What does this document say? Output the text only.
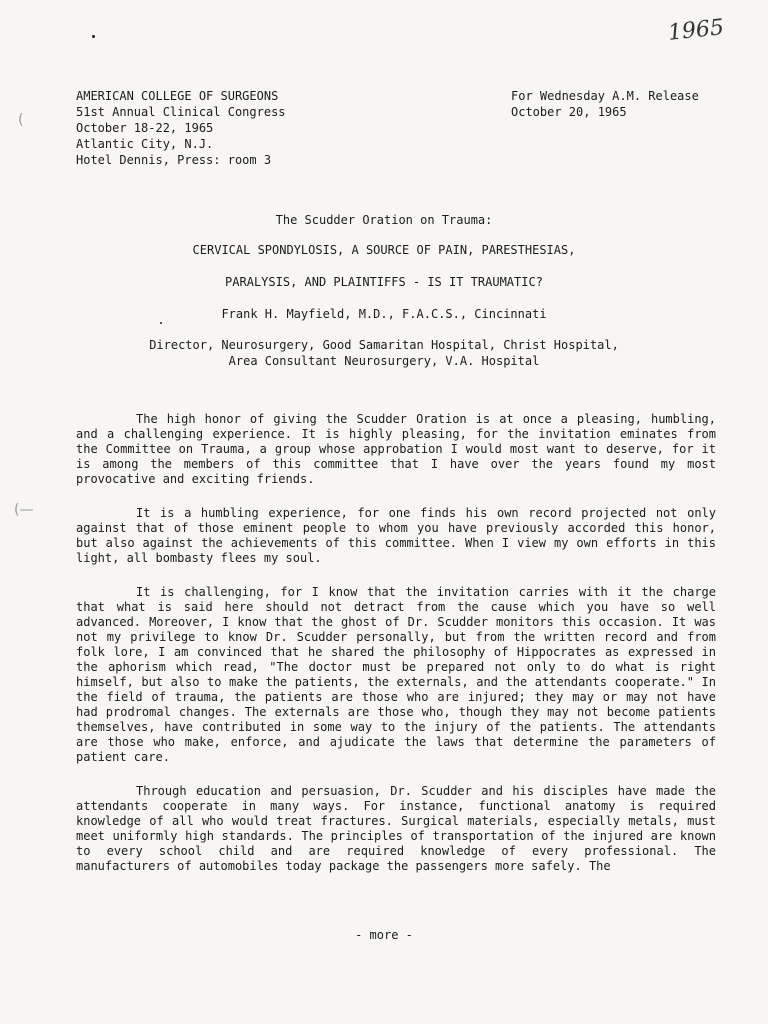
1965
(
(—
AMERICAN COLLEGE OF SURGEONS
51st Annual Clinical Congress
October 18-22, 1965
Atlantic City, N.J.
Hotel Dennis, Press: room 3
For Wednesday A.M. Release
October 20, 1965
The Scudder Oration on Trauma:
CERVICAL SPONDYLOSIS, A SOURCE OF PAIN, PARESTHESIAS,
PARALYSIS, AND PLAINTIFFS - IS IT TRAUMATIC?
Frank H. Mayfield, M.D., F.A.C.S., Cincinnati
Director, Neurosurgery, Good Samaritan Hospital, Christ Hospital,
Area Consultant Neurosurgery, V.A. Hospital

The high honor of giving the Scudder Oration is at once a pleasing, humbling, and a challenging experience. It is highly pleasing, for the invitation eminates from the Committee on Trauma, a group whose approbation I would most want to deserve, for it is among the members of this committee that I have over the years found my most provocative and exciting friends.

It is a humbling experience, for one finds his own record projected not only against that of those eminent people to whom you have previously accorded this honor, but also against the achievements of this committee. When I view my own efforts in this light, all bombasty flees my soul.

It is challenging, for I know that the invitation carries with it the charge that what is said here should not detract from the cause which you have so well advanced. Moreover, I know that the ghost of Dr. Scudder monitors this occasion. It was not my privilege to know Dr. Scudder personally, but from the written record and from folk lore, I am convinced that he shared the philosophy of Hippocrates as expressed in the aphorism which read, "The doctor must be prepared not only to do what is right himself, but also to make the patients, the externals, and the attendants cooperate." In the field of trauma, the patients are those who are injured; they may or may not have had prodromal changes. The externals are those who, though they may not become patients themselves, have contributed in some way to the injury of the patients. The attendants are those who make, enforce, and ajudicate the laws that determine the parameters of patient care.

Through education and persuasion, Dr. Scudder and his disciples have made the attendants cooperate in many ways. For instance, functional anatomy is required knowledge of all who would treat fractures. Surgical materials, especially metals, must meet uniformly high standards. The principles of transportation of the injured are known to every school child and are required knowledge of every professional. The manufacturers of automobiles today package the passengers more safely. The

- more -
